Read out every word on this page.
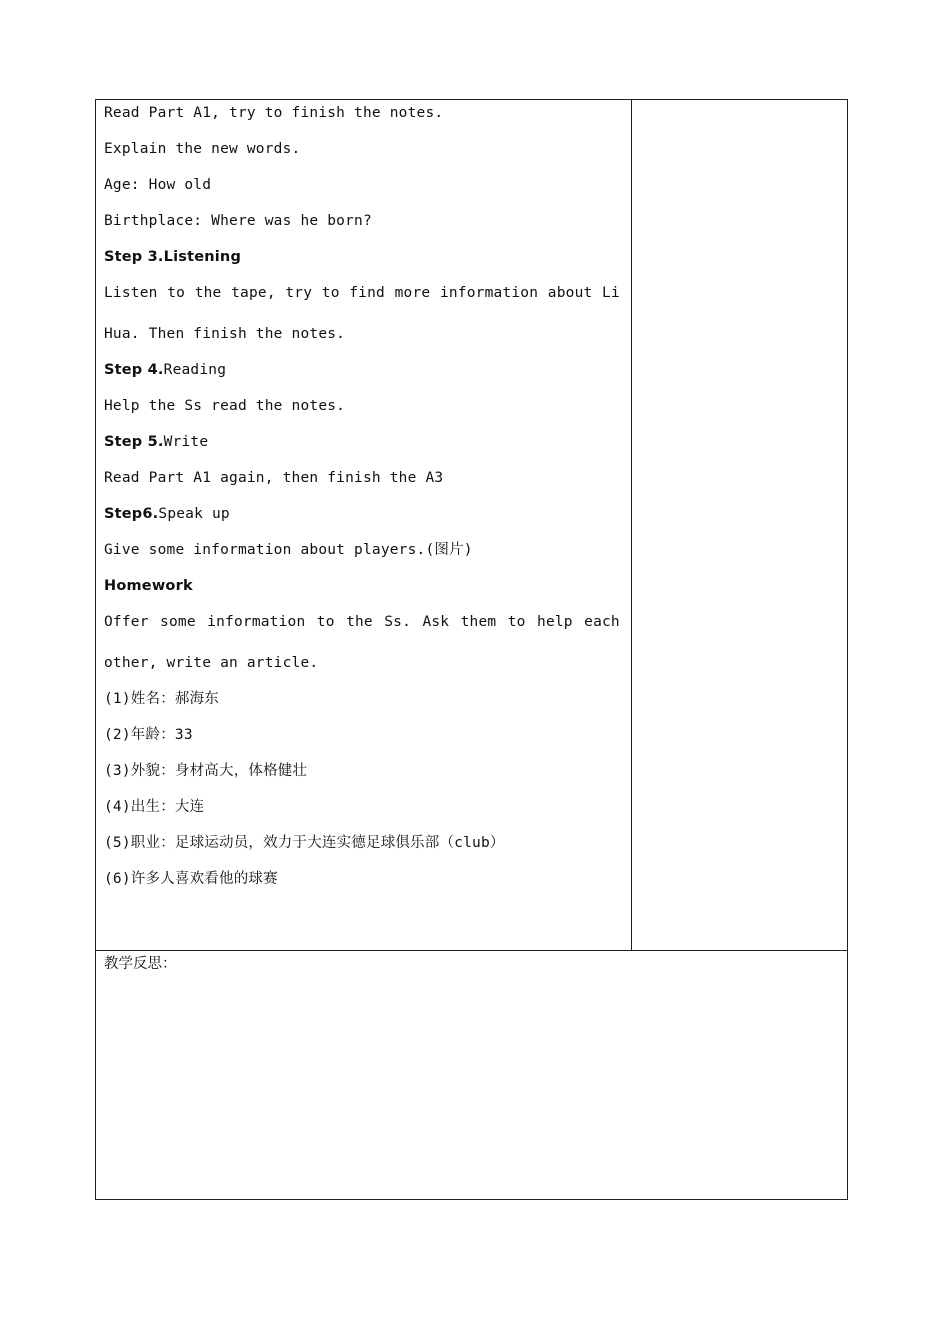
Read Part A1, try to finish the notes.
Explain the new words.
Age: How old
Birthplace: Where was he born?
Step 3.Listening
Listen to the tape, try to find more information about Li
Hua. Then finish the notes.
Step 4.Reading
Help the Ss read the notes.
Step 5.Write
Read Part A1 again, then finish the A3
Step6.Speak up
Give some information about players.(图片)
Homework
Offer some information to the Ss. Ask them to help each
other, write an article.
(1)姓名：郝海东
(2)年龄：33
(3)外貌：身材高大，体格健壮
(4)出生：大连
(5)职业：足球运动员，效力于大连实德足球俱乐部（club）
(6)许多人喜欢看他的球赛
教学反思：
